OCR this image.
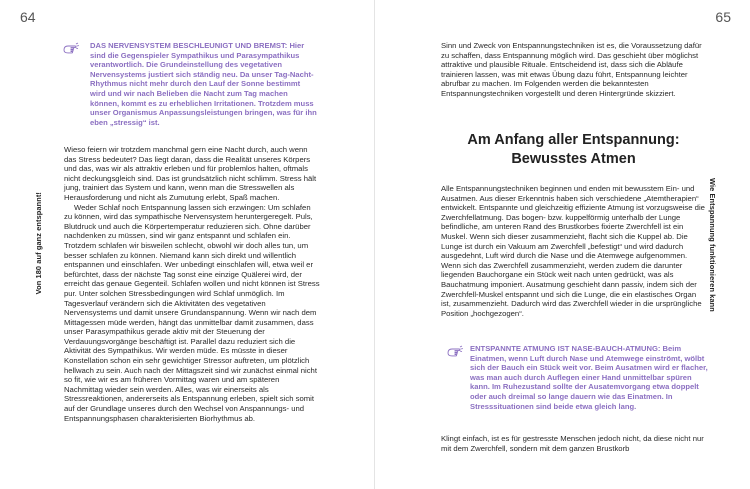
64

DAS NERVENSYSTEM BESCHLEUNIGT UND BREMST: Hier sind die Gegenspieler Sympathikus und Parasympathikus verantwortlich. Die Grundeinstellung des vegetativen Nervensystems justiert sich ständig neu. Da unser Tag-Nacht-Rhythmus nicht mehr durch den Lauf der Sonne bestimmt wird und wir nach Belieben die Nacht zum Tag machen können, kommt es zu erheblichen Irritationen. Trotzdem muss unser Organismus Anpassungsleistungen bringen, was für ihn eben „stressig“ ist.

Wieso feiern wir trotzdem manchmal gern eine Nacht durch, auch wenn das Stress bedeutet? Das liegt daran, dass die Realität unseres Körpers und das, was wir als attraktiv erleben und für problemlos halten, oftmals nicht deckungsgleich sind. Das ist grundsätzlich nicht schlimm. Stress hält jung, trainiert das System und kann, wenn man die Stresswellen als Herausforderung und nicht als Zumutung erlebt, Spaß machen.
Weder Schlaf noch Entspannung lassen sich erzwingen: Um schlafen zu können, wird das sympathische Nervensystem heruntergeregelt. Puls, Blutdruck und auch die Körpertemperatur reduzieren sich. Ohne darüber nachdenken zu müssen, sind wir ganz entspannt und schlafen ein. Trotzdem schlafen wir bisweilen schlecht, obwohl wir doch alles tun, um besser schlafen zu können. Niemand kann sich direkt und willentlich entspannen und einschlafen. Wer unbedingt einschlafen will, etwa weil er befürchtet, dass der nächste Tag sonst eine einzige Quälerei wird, der erreicht das genaue Gegenteil. Schlafen wollen und nicht können ist Stress pur. Unter solchen Stressbedingungen wird Schlaf unmöglich. Im Tagesverlauf verändern sich die Aktivitäten des vegetativen Nervensystems und damit unsere Grundanspannung. Wenn wir nach dem Mittagessen müde werden, hängt das unmittelbar damit zusammen, dass unser Parasympathikus gerade aktiv mit der Steuerung der Verdauungsvorgänge beschäftigt ist. Parallel dazu reduziert sich die Aktivität des Sympathikus. Wir werden müde. Es müsste in dieser Konstellation schon ein sehr gewichtiger Stressor auftreten, um plötzlich hellwach zu sein. Auch nach der Mittagszeit sind wir zunächst einmal nicht so fit, wie wir es am früheren Vormittag waren und am späteren Nachmittag wieder sein werden. Alles, was wir einerseits als Stressreaktionen, andererseits als Entspannung erleben, spielt sich somit auf der Grundlage unseres durch den Wechsel von Anspannungs- und Entspannungsphasen charakterisierten Biorhythmus ab.
Von 180 auf ganz entspannt!
65

Sinn und Zweck von Entspannungstechniken ist es, die Voraussetzung dafür zu schaffen, dass Entspannung möglich wird. Das geschieht über möglichst attraktive und plausible Rituale. Entscheidend ist, dass sich die Abläufe trainieren lassen, was mit etwas Übung dazu führt, Entspannung leichter abrufbar zu machen. Im Folgenden werden die bekanntesten Entspannungstechniken vorgestellt und deren Hintergründe skizziert.

Am Anfang aller Entspannung:
Bewusstes Atmen

Alle Entspannungstechniken beginnen und enden mit bewusstem Ein- und Ausatmen. Aus dieser Erkenntnis haben sich verschiedene „Atemtherapien“ entwickelt. Entspannte und gleichzeitig effiziente Atmung ist vorzugsweise die Zwerchfellatmung. Das bogen- bzw. kuppelförmig unterhalb der Lunge befindliche, am unteren Rand des Brustkorbes fixierte Zwerchfell ist ein Muskel. Wenn sich dieser zusammenzieht, flacht sich die Kuppel ab. Die Lunge ist durch ein Vakuum am Zwerchfell „befestigt“ und wird dadurch ausgedehnt, Luft wird durch die Nase und die Atemwege aufgenommen. Wenn sich das Zwerchfell zusammenzieht, werden zudem die darunter liegenden Bauchorgane ein Stück weit nach unten gedrückt, was als Bauchatmung imponiert. Ausatmung geschieht dann passiv, indem sich der Zwerchfell-Muskel entspannt und sich die Lunge, die ein elastisches Organ ist, zusammenzieht. Dadurch wird das Zwerchfell wieder in die ursprüngliche Position „hochgezogen“.

ENTSPANNTE ATMUNG IST NASE-BAUCH-ATMUNG: Beim Einatmen, wenn Luft durch Nase und Atemwege einströmt, wölbt sich der Bauch ein Stück weit vor. Beim Ausatmen wird er flacher, was man auch durch Auflegen einer Hand unmittelbar spüren kann. Im Ruhezustand sollte der Ausatemvorgang etwa doppelt oder auch dreimal so lange dauern wie das Einatmen. In Stresssituationen sind beide etwa gleich lang.

Klingt einfach, ist es für gestresste Menschen jedoch nicht, da diese nicht nur mit dem Zwerchfell, sondern mit dem ganzen Brustkorb

Wie Entspannung funktionieren kann
